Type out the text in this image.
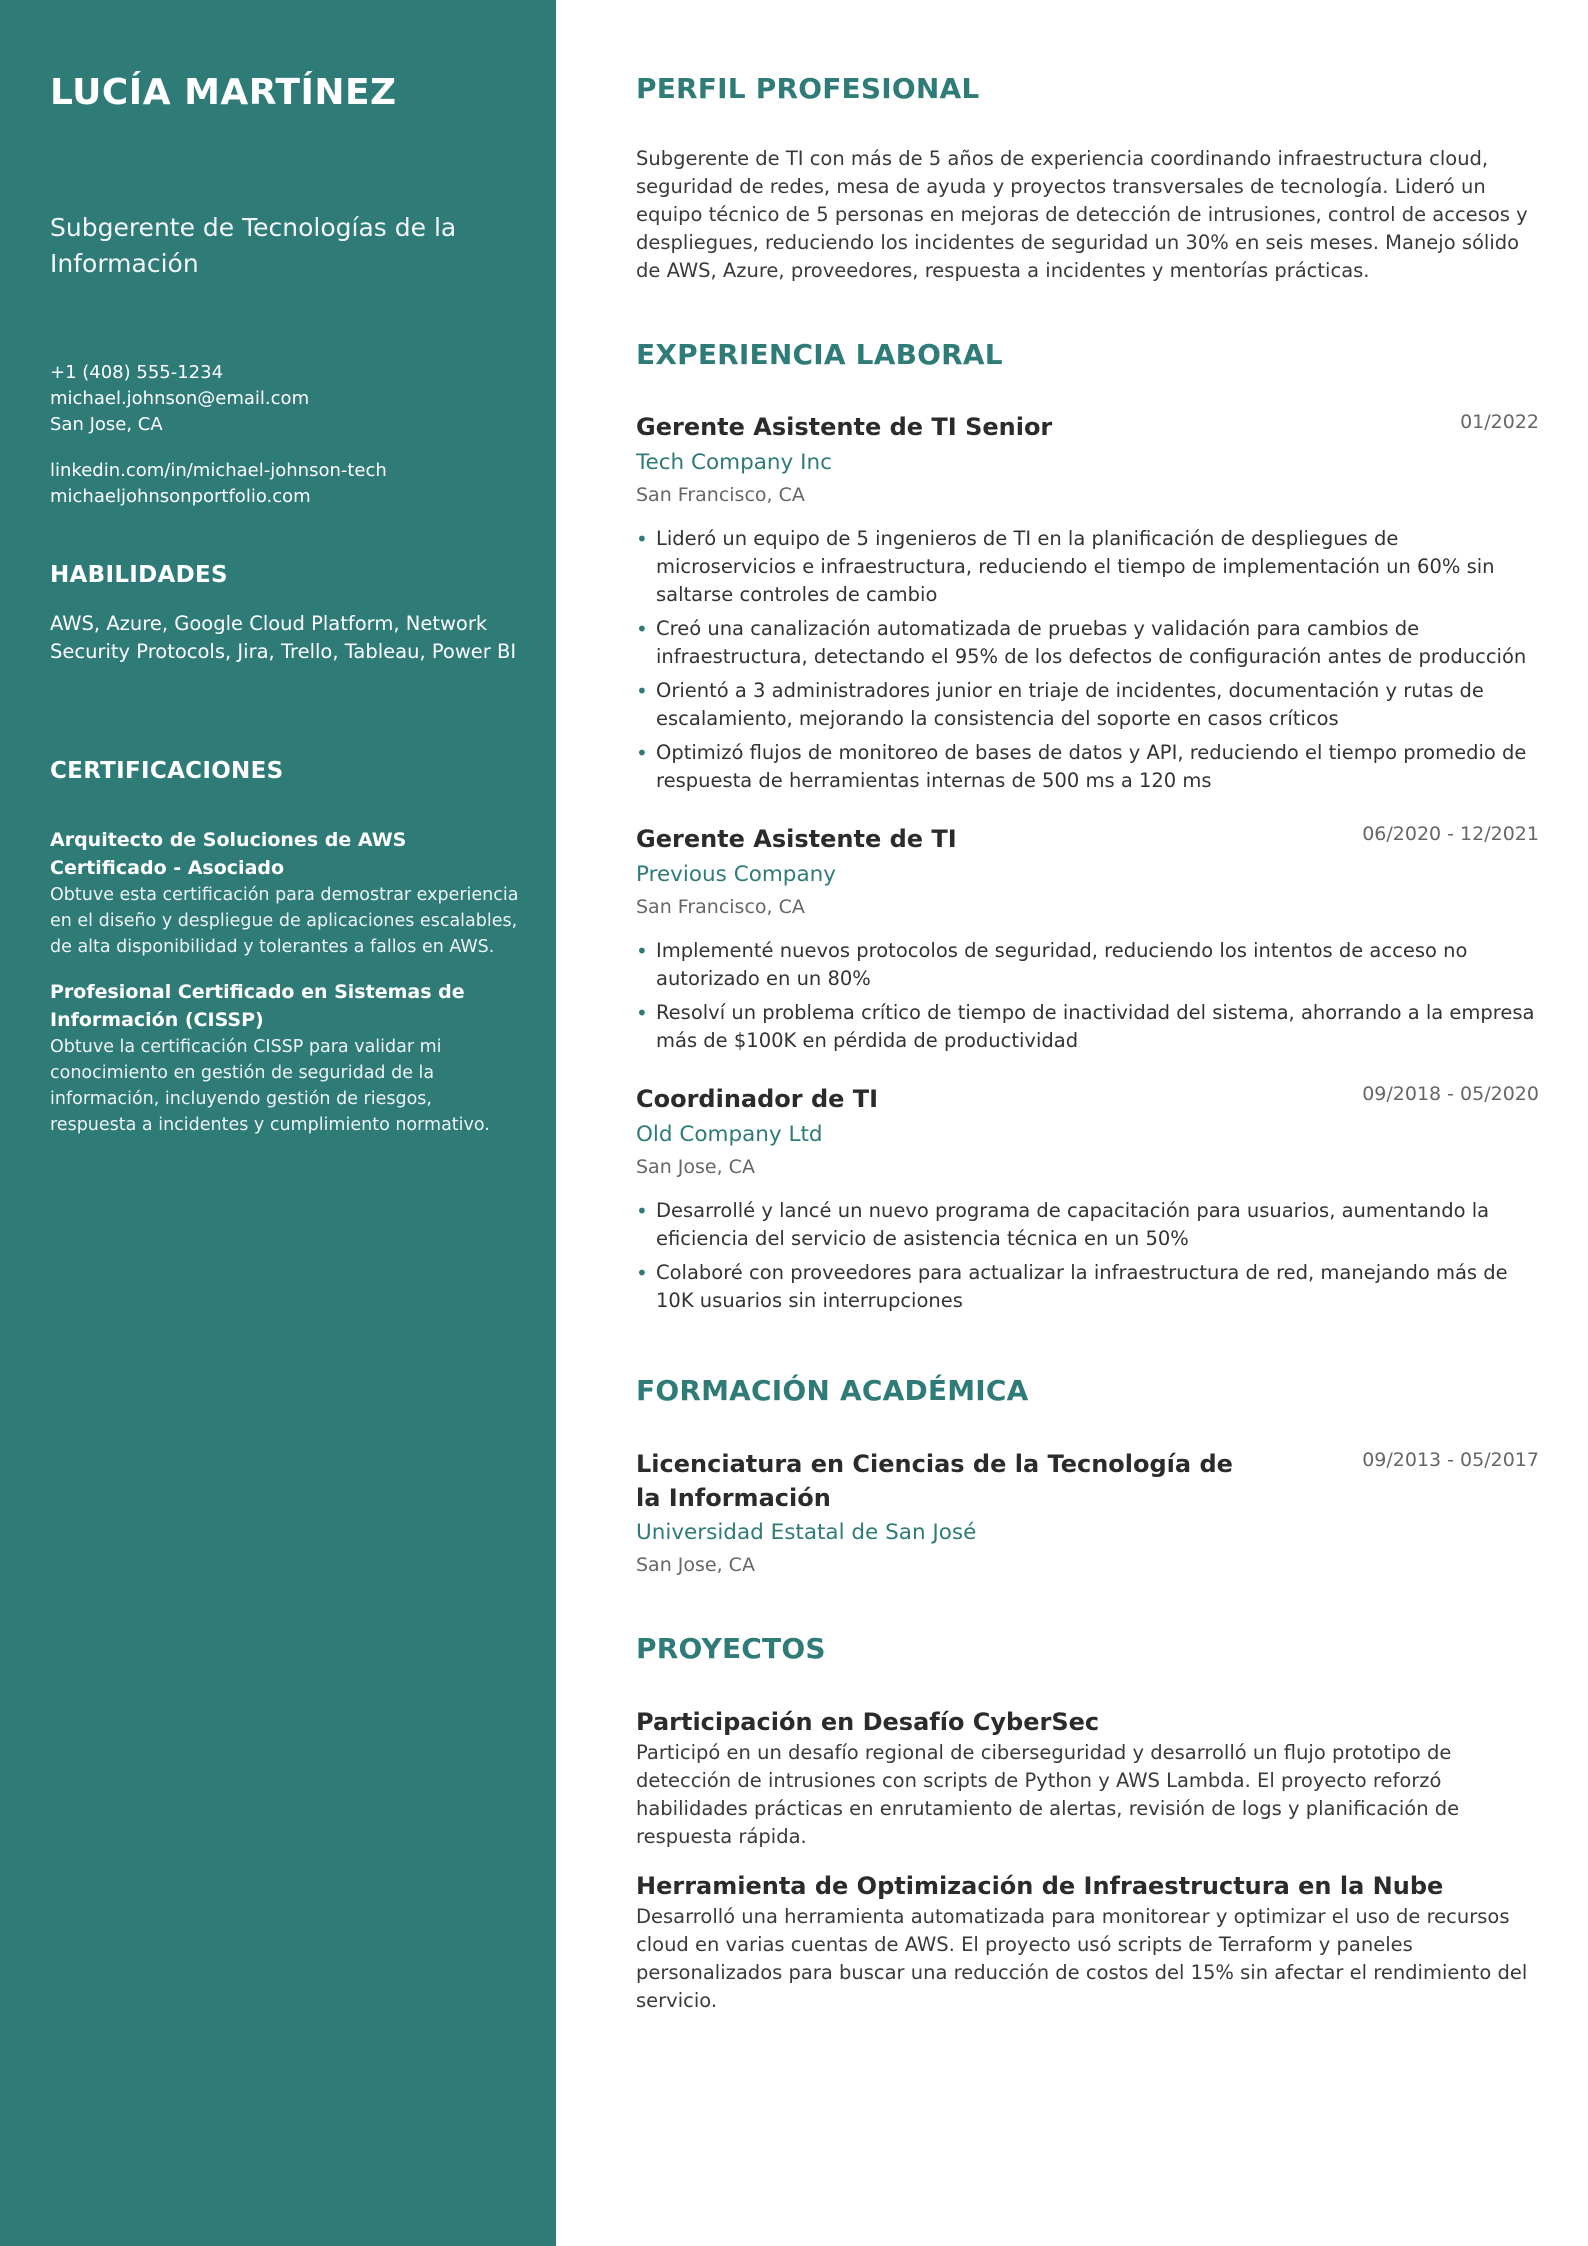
LUCÍA MARTÍNEZ
Subgerente de Tecnologías de la Información
+1 (408) 555-1234
michael.johnson@email.com
San Jose, CA
linkedin.com/in/michael-johnson-tech
michaeljohnsonportfolio.com
HABILIDADES
AWS, Azure, Google Cloud Platform, Network Security Protocols, Jira, Trello, Tableau, Power BI
CERTIFICACIONES
Arquitecto de Soluciones de AWS Certificado - Asociado
Obtuve esta certificación para demostrar experiencia en el diseño y despliegue de aplicaciones escalables, de alta disponibilidad y tolerantes a fallos en AWS.
Profesional Certificado en Sistemas de Información (CISSP)
Obtuve la certificación CISSP para validar mi conocimiento en gestión de seguridad de la información, incluyendo gestión de riesgos, respuesta a incidentes y cumplimiento normativo.
PERFIL PROFESIONAL
Subgerente de TI con más de 5 años de experiencia coordinando infraestructura cloud, seguridad de redes, mesa de ayuda y proyectos transversales de tecnología. Lideró un equipo técnico de 5 personas en mejoras de detección de intrusiones, control de accesos y despliegues, reduciendo los incidentes de seguridad un 30% en seis meses. Manejo sólido de AWS, Azure, proveedores, respuesta a incidentes y mentorías prácticas.
EXPERIENCIA LABORAL
Gerente Asistente de TI Senior	01/2022
Tech Company Inc
San Francisco, CA
• Lideró un equipo de 5 ingenieros de TI en la planificación de despliegues de microservicios e infraestructura, reduciendo el tiempo de implementación un 60% sin saltarse controles de cambio
• Creó una canalización automatizada de pruebas y validación para cambios de infraestructura, detectando el 95% de los defectos de configuración antes de producción
• Orientó a 3 administradores junior en triaje de incidentes, documentación y rutas de escalamiento, mejorando la consistencia del soporte en casos críticos
• Optimizó flujos de monitoreo de bases de datos y API, reduciendo el tiempo promedio de respuesta de herramientas internas de 500 ms a 120 ms
Gerente Asistente de TI	06/2020 - 12/2021
Previous Company
San Francisco, CA
• Implementé nuevos protocolos de seguridad, reduciendo los intentos de acceso no autorizado en un 80%
• Resolví un problema crítico de tiempo de inactividad del sistema, ahorrando a la empresa más de $100K en pérdida de productividad
Coordinador de TI	09/2018 - 05/2020
Old Company Ltd
San Jose, CA
• Desarrollé y lancé un nuevo programa de capacitación para usuarios, aumentando la eficiencia del servicio de asistencia técnica en un 50%
• Colaboré con proveedores para actualizar la infraestructura de red, manejando más de 10K usuarios sin interrupciones
FORMACIÓN ACADÉMICA
Licenciatura en Ciencias de la Tecnología de la Información
09/2013 - 05/2017
Universidad Estatal de San José
San Jose, CA
PROYECTOS
Participación en Desafío CyberSec
Participó en un desafío regional de ciberseguridad y desarrolló un flujo prototipo de detección de intrusiones con scripts de Python y AWS Lambda. El proyecto reforzó habilidades prácticas en enrutamiento de alertas, revisión de logs y planificación de respuesta rápida.
Herramienta de Optimización de Infraestructura en la Nube
Desarrolló una herramienta automatizada para monitorear y optimizar el uso de recursos cloud en varias cuentas de AWS. El proyecto usó scripts de Terraform y paneles personalizados para buscar una reducción de costos del 15% sin afectar el rendimiento del servicio.
